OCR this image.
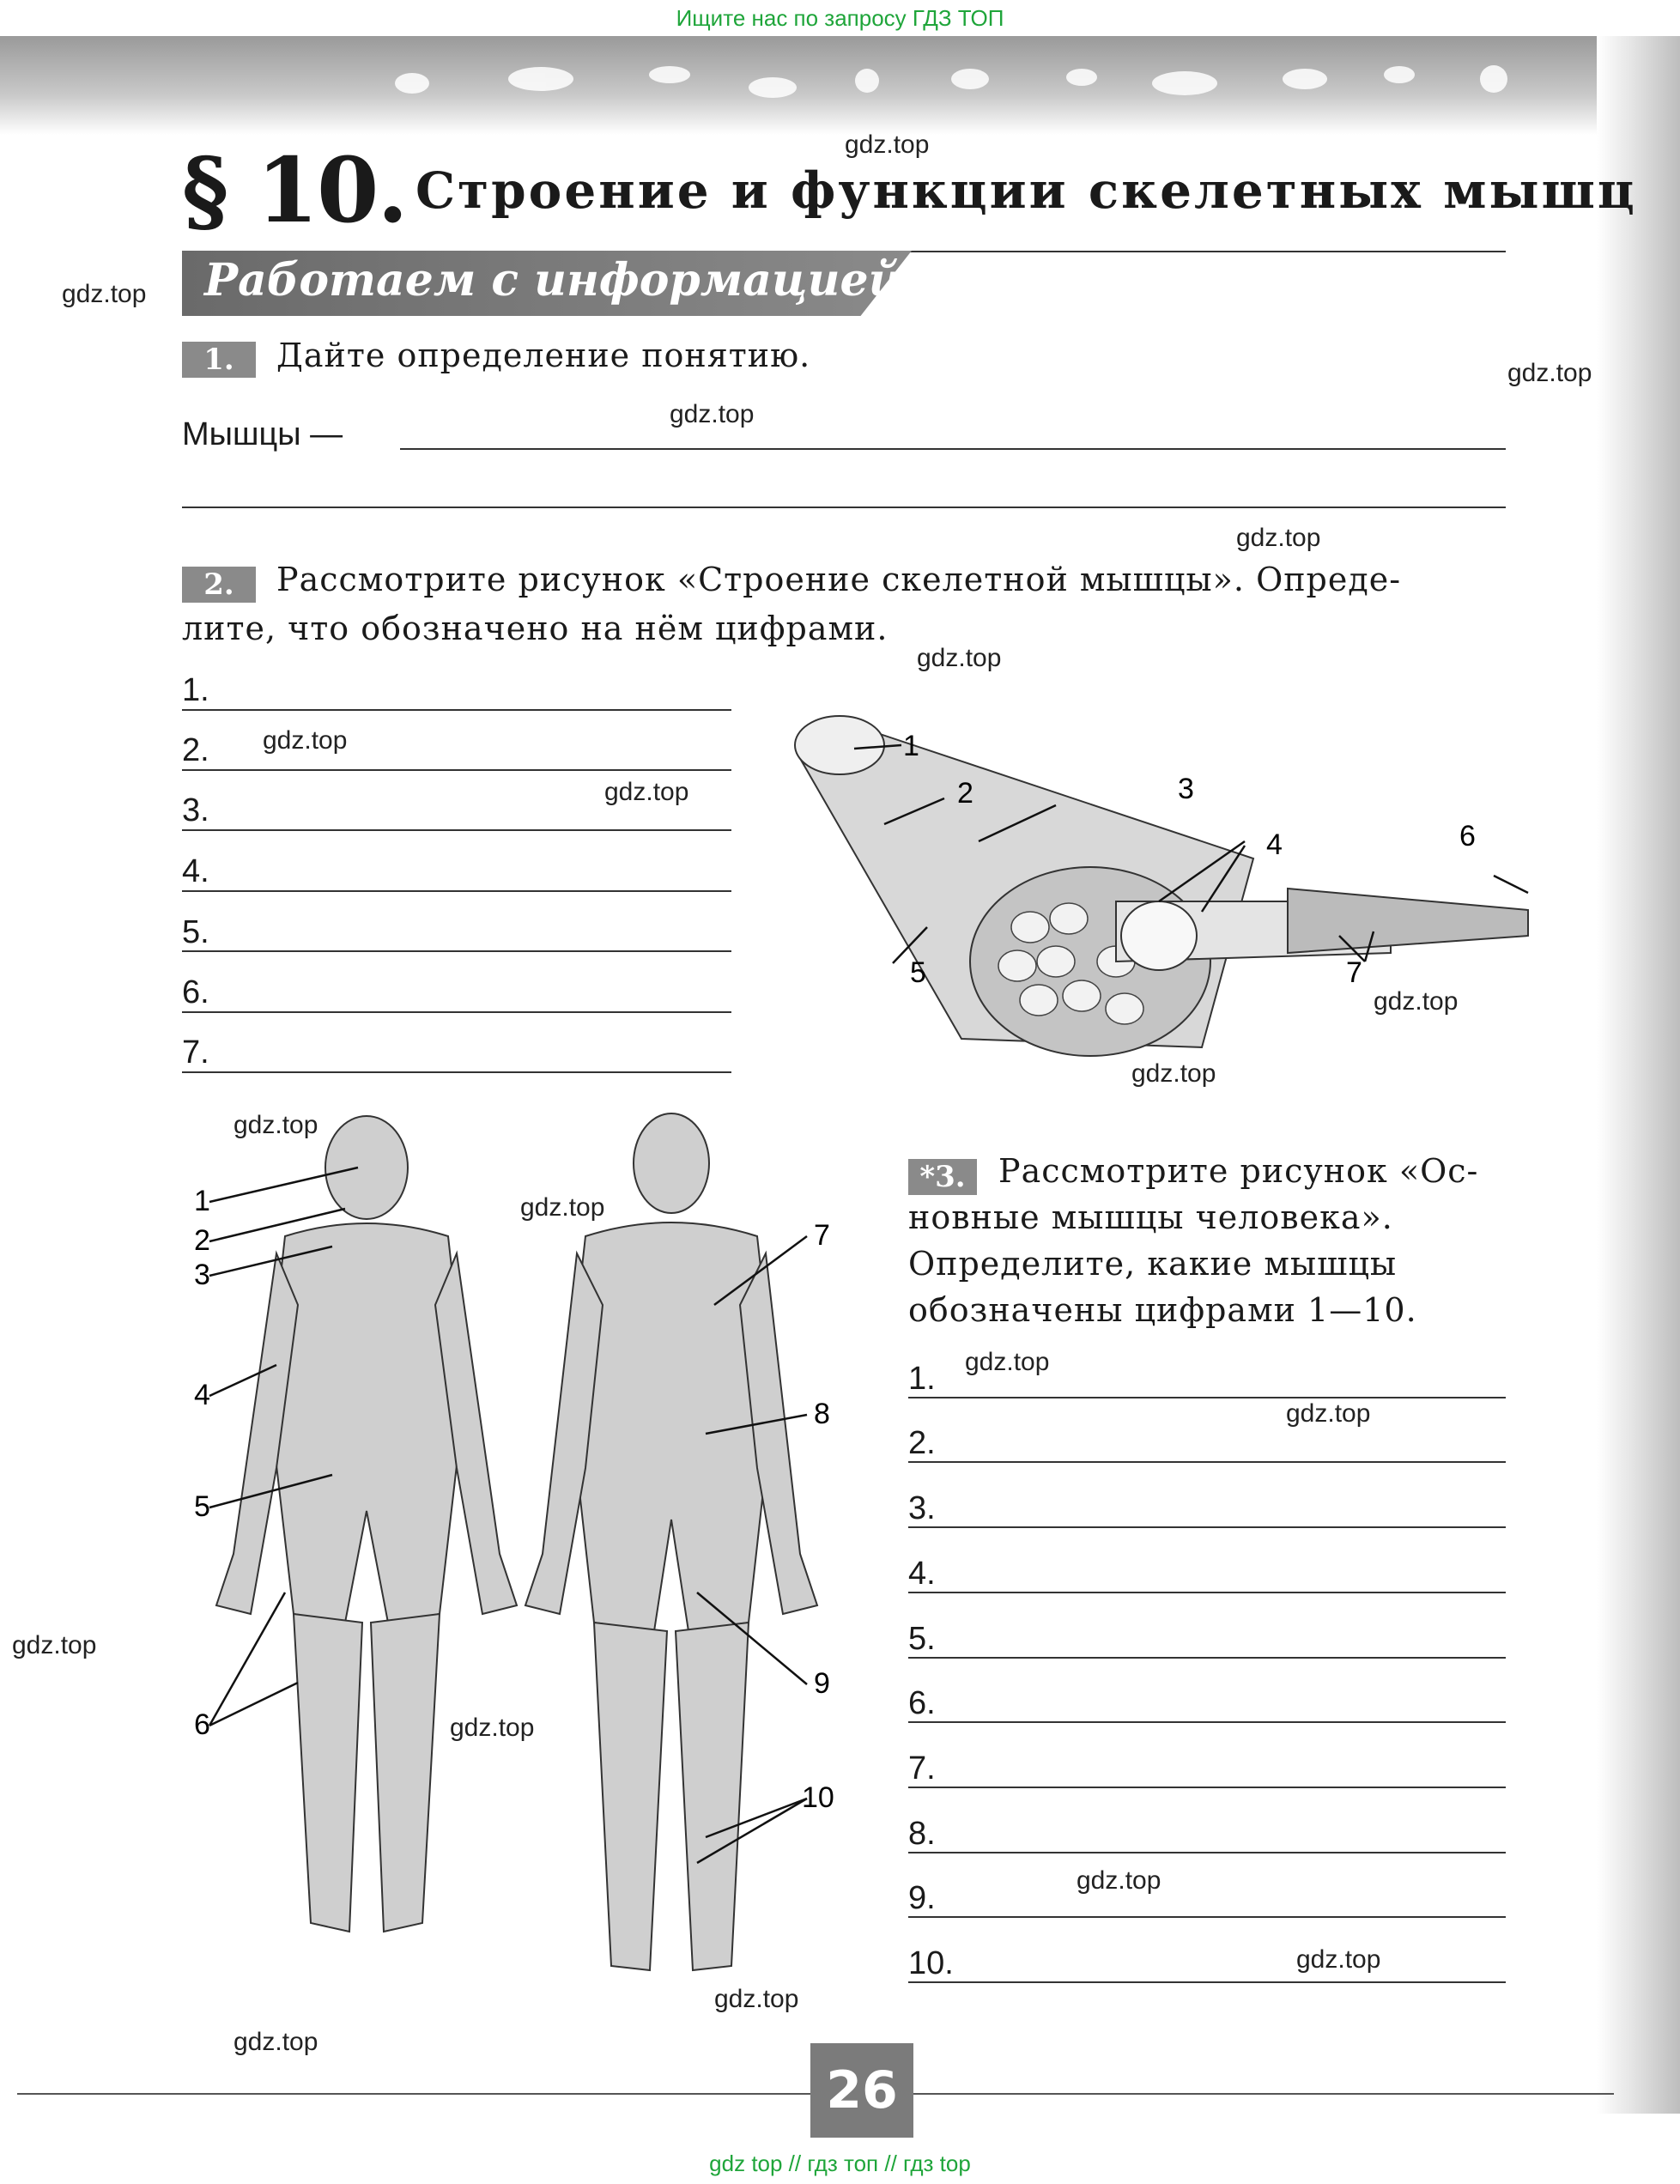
Ищите нас по запросу ГДЗ ТОП
§ 10. Строение и функции скелетных мышц
Работаем с информацией
1.	Дайте определение понятию.
Мышцы —
2.	Рассмотрите рисунок «Строение скелетной мышцы». Опреде-
лите, что обозначено на нём цифрами.
1.
2.
3.
4.
5.
6.
7.
1
2	3
4
5
6
7
1
2
3
4
5
6
7
8
9
10
*3.	Рассмотрите рисунок «Ос-
новные мышцы человека».
Определите, какие мышцы
обозначены цифрами 1—10.
1.
2.
3.
4.
5.
6.
7.
8.
9.
10.
gdz.top
gdz.top
gdz.top
gdz.top
gdz.top
gdz.top
gdz.top
gdz.top
gdz.top
gdz.top
gdz.top
gdz.top
gdz.top
gdz.top
gdz.top
gdz.top
gdz.top
gdz.top
gdz.top
gdz.top
26
gdz top // гдз топ // гдз top
